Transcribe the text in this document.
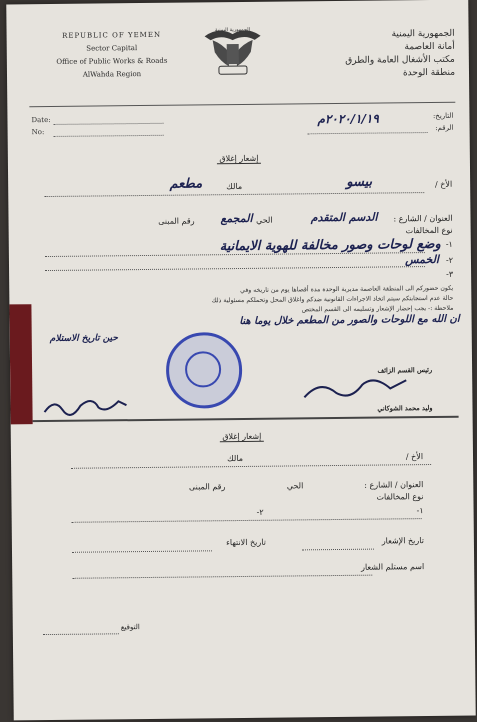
REPUBLIC OF YEMEN
Sector Capital
Office of Public Works & Roads
AlWahda Region
الجمهورية اليمنية	الجمهورية اليمنية
أمانة العاصمة
مكتب الأشغال العامة والطرق
منطقة الوحدة
Date:
No:
التاريخ:
الرقم:
٢٠٢٠/١/١٩م
إشعار إغلاق
الأخ /
بيسو
مالك
مطعم
العنوان / الشارع :
الدسم المتقدم
الحي
المجمع
رقم المبنى
نوع المخالفات
١-
وضع لوحات وصور مخالفة للهوية الايمانية
٢-
الخمس
٣-
يكون حضوركم الى المنطقة العاصمة مديرية الوحدة مدة أقصاها يوم من تاريخه وفي
حالة عدم استجابتكم سيتم اتخاذ الاجراءات القانونية ضدكم واغلاق المحل وتحملكم مسئولية ذلك
ملاحظة :- يجب إحضار الإشعار وتسليمه الى القسم المختص
ان الله مع اللوحات والصور من المطعم خلال يوما هنا
حين تاريخ الاستلام
رئيس القسم الزائف
وليد محمد الشوكاني
إشعار إغلاق
الأخ /
مالك
العنوان / الشارع :
الحي
رقم المبنى
نوع المخالفات
١-
٢-
تاريخ الإشعار
تاريخ الانتهاء
اسم مستلم الشعار
التوقيع
